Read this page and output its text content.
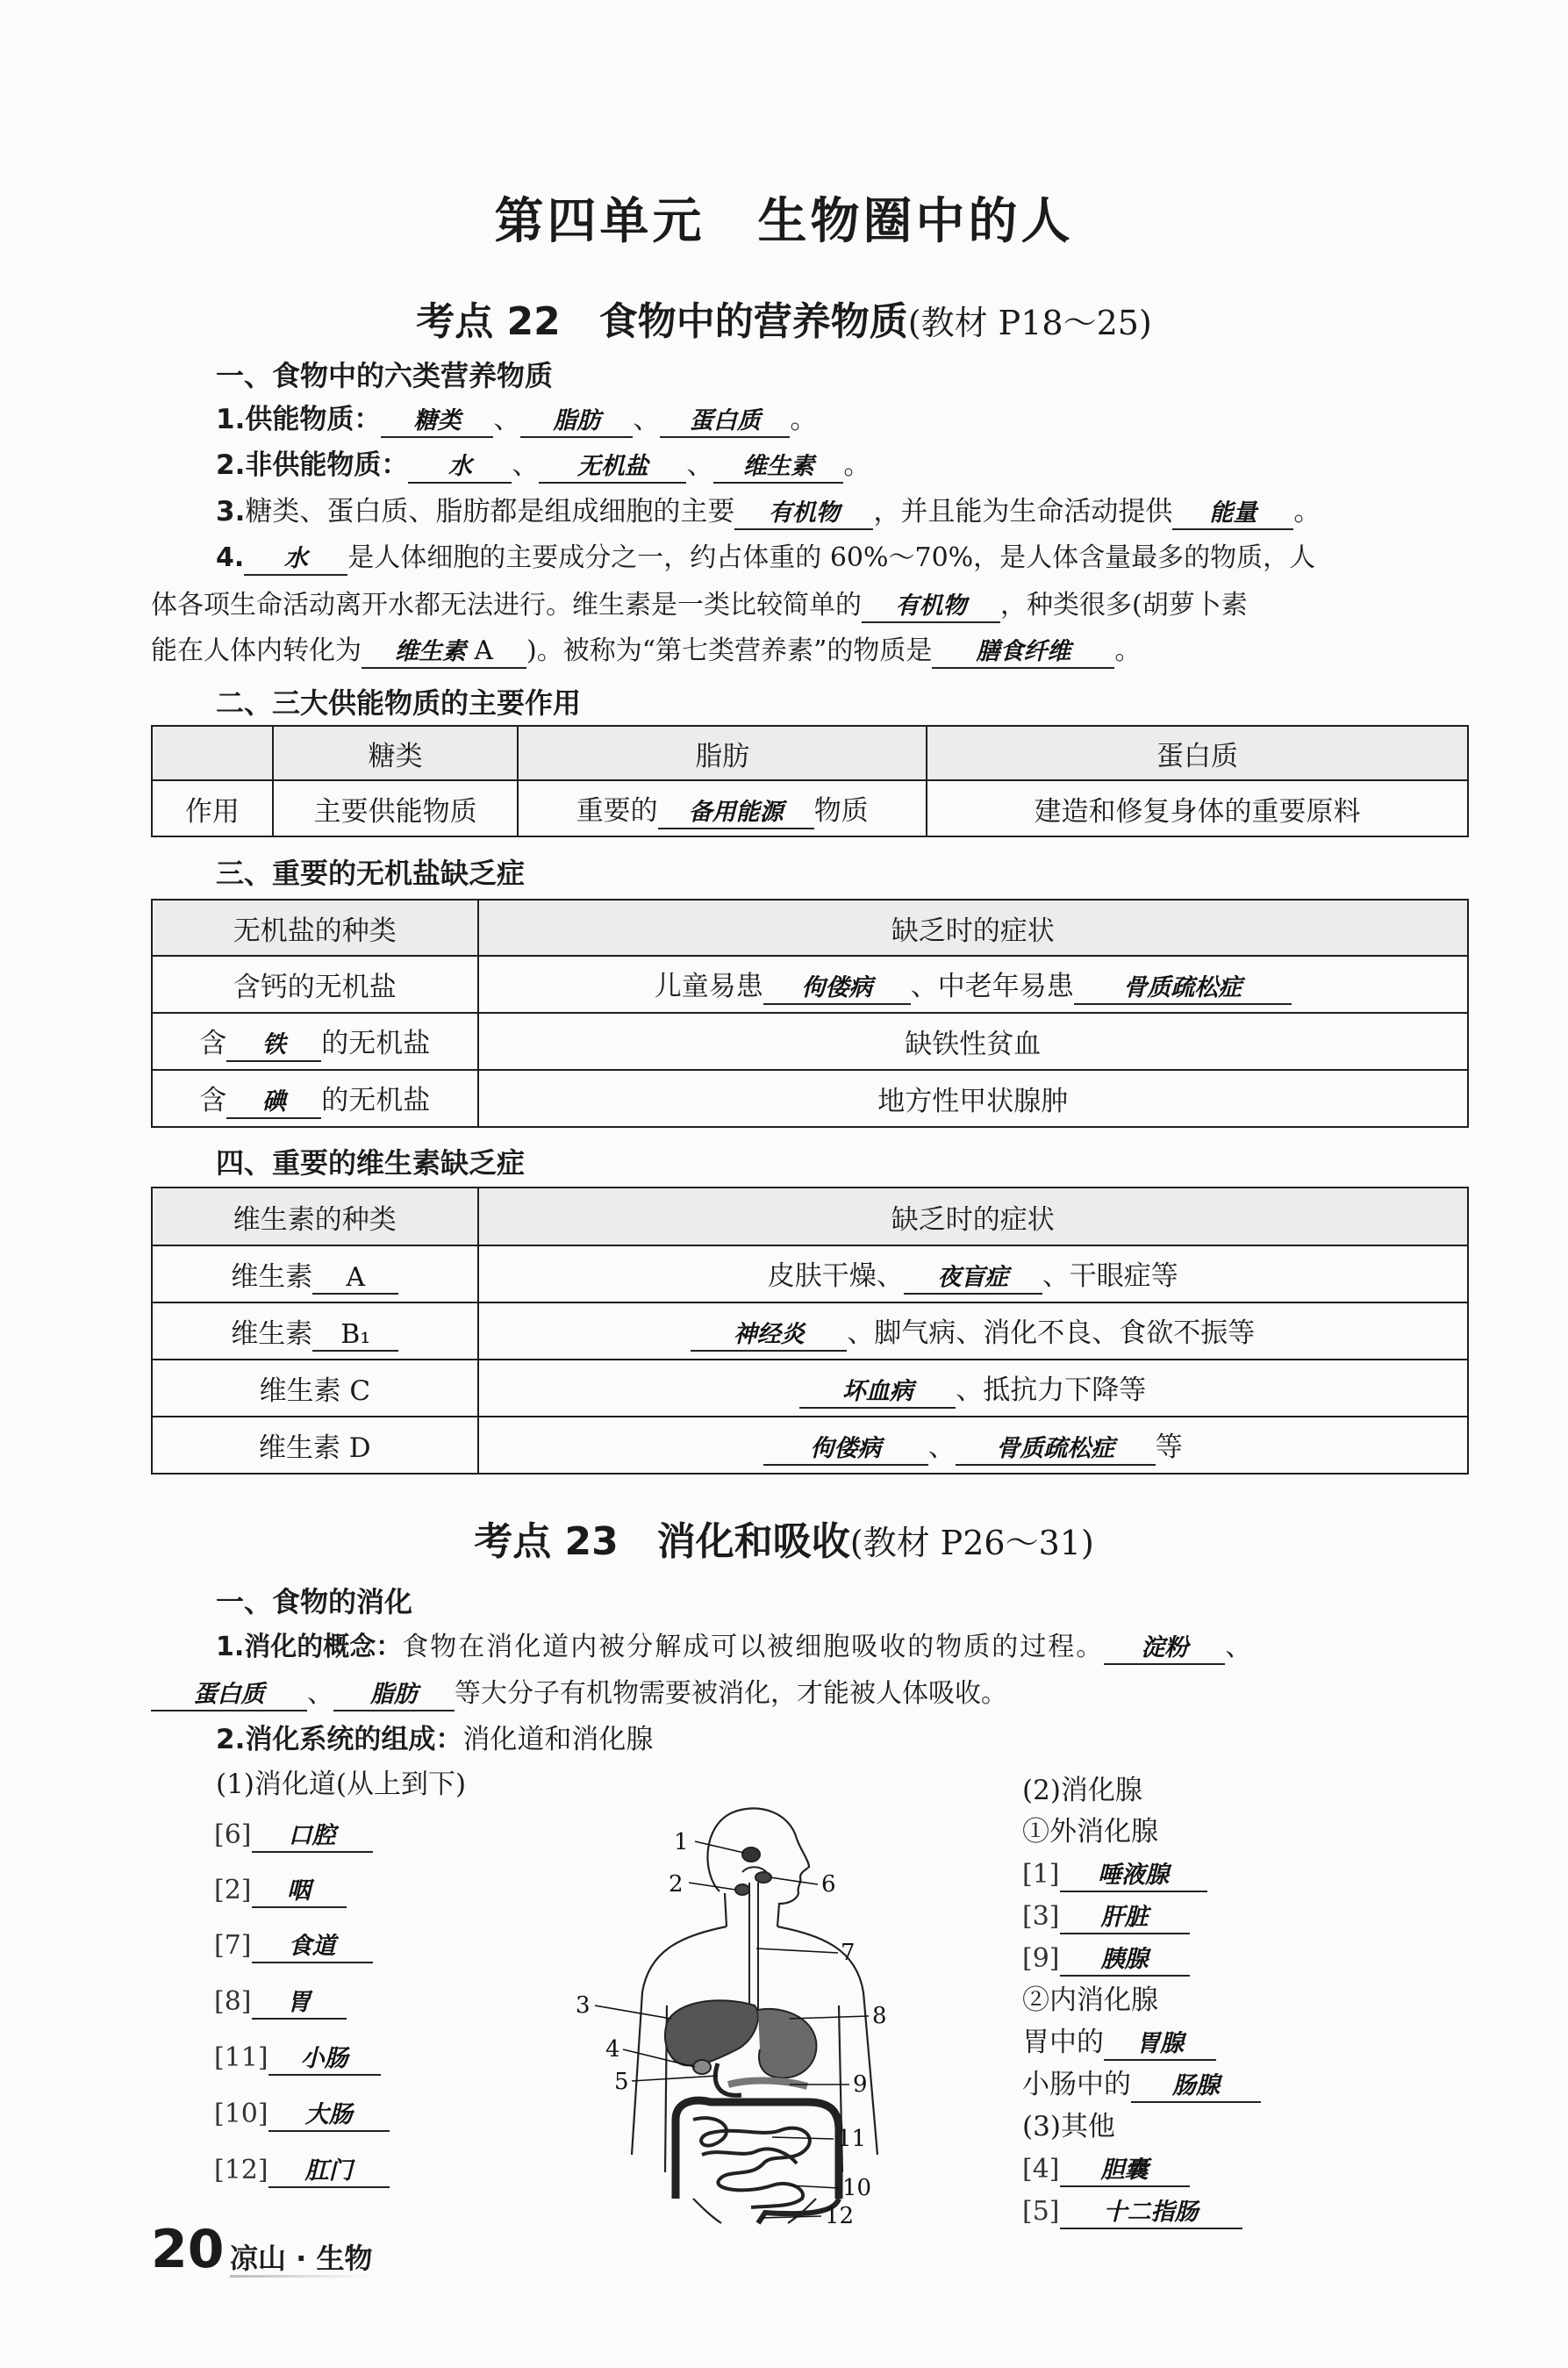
第四单元　生物圈中的人
考点 22　食物中的营养物质(教材 P18～25)
一、食物中的六类营养物质
1.供能物质： 糖类 、 脂肪 、 蛋白质 。
2.非供能物质： 水 、 无机盐 、 维生素 。
3.糖类、蛋白质、脂肪都是组成细胞的主要 有机物 ，并且能为生命活动提供 能量 。
4. 水 是人体细胞的主要成分之一，约占体重的 60%～70%，是人体含量最多的物质，人
体各项生命活动离开水都无法进行。维生素是一类比较简单的 有机物 ，种类很多(胡萝卜素
能在人体内转化为 维生素 A )。被称为“第七类营养素”的物质是 膳食纤维 。
二、三大供能物质的主要作用
	糖类	脂肪	蛋白质
作用	主要供能物质	重要的 备用能源 物质	建造和修复身体的重要原料
三、重要的无机盐缺乏症
无机盐的种类	缺乏时的症状
含钙的无机盐	儿童易患 佝偻病 、中老年易患 骨质疏松症
含 铁 的无机盐	缺铁性贫血
含 碘 的无机盐	地方性甲状腺肿
四、重要的维生素缺乏症
维生素的种类	缺乏时的症状
维生素 A	皮肤干燥、 夜盲症 、干眼症等
维生素 B₁	神经炎 、脚气病、消化不良、食欲不振等
维生素 C	坏血病 、抵抗力下降等
维生素 D	佝偻病 、 骨质疏松症 等
考点 23　消化和吸收(教材 P26～31)
一、食物的消化
1.消化的概念：食物在消化道内被分解成可以被细胞吸收的物质的过程。 淀粉 、
蛋白质 、 脂肪 等大分子有机物需要被消化，才能被人体吸收。
2.消化系统的组成：消化道和消化腺
(1)消化道(从上到下)
[6] 口腔
[2] 咽
[7] 食道
[8] 胃
[11] 小肠
[10] 大肠
[12] 肛门
1
2
3
4
5
6
7
8
9
10
11
12
(2)消化腺
①外消化腺
[1] 唾液腺
[3] 肝脏
[9] 胰腺
②内消化腺
胃中的 胃腺
小肠中的 肠腺
(3)其他
[4] 胆囊
[5] 十二指肠
20 凉山 · 生物
